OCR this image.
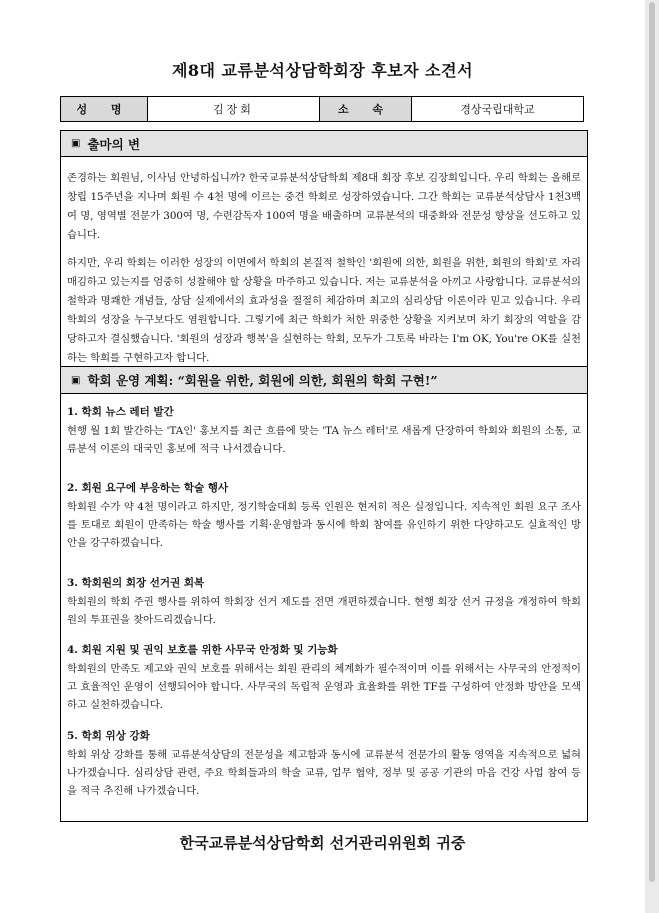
제8대 교류분석상담학회장 후보자 소견서
성 명	김장회	소 속	경상국립대학교
▣ 출마의 변
존경하는 회원님, 이사님 안녕하십니까? 한국교류분석상담학회 제8대 회장 후보 김장회입니다. 우리 학회는 올해로 창립 15주년을 지나며 회원 수 4천 명에 이르는 중견 학회로 성장하였습니다. 그간 학회는 교류분석상담사 1천3백여 명, 영역별 전문가 300여 명, 수련감독자 100여 명을 배출하며 교류분석의 대중화와 전문성 향상을 선도하고 있습니다.
하지만, 우리 학회는 이러한 성장의 이면에서 학회의 본질적 철학인 '회원에 의한, 회원을 위한, 회원의 학회'로 자리매김하고 있는지를 엄중히 성찰해야 할 상황을 마주하고 있습니다. 저는 교류분석을 아끼고 사랑합니다. 교류분석의 철학과 명쾌한 개념들, 상담 실제에서의 효과성을 절절히 체감하며 최고의 심리상담 이론이라 믿고 있습니다. 우리 학회의 성장을 누구보다도 염원합니다. 그렇기에 최근 학회가 처한 위중한 상황을 지켜보며 차기 회장의 역할을 감당하고자 결심했습니다. '회원의 성장과 행복'을 실현하는 학회, 모두가 그토록 바라는 I'm OK, You're OK를 실천하는 학회를 구현하고자 합니다.
▣ 학회 운영 계획: “회원을 위한, 회원에 의한, 회원의 학회 구현!”
1. 학회 뉴스 레터 발간
현행 월 1회 발간하는 'TA인' 홍보지를 최근 흐름에 맞는 'TA 뉴스 레터'로 새롭게 단장하여 학회와 회원의 소통, 교류분석 이론의 대국민 홍보에 적극 나서겠습니다.
2. 회원 요구에 부응하는 학술 행사
학회원 수가 약 4천 명이라고 하지만, 정기학술대회 등록 인원은 현저히 적은 실정입니다. 지속적인 회원 요구 조사를 토대로 회원이 만족하는 학술 행사를 기획·운영함과 동시에 학회 참여를 유인하기 위한 다양하고도 실효적인 방안을 강구하겠습니다.
3. 학회원의 회장 선거권 회복
학회원의 학회 주권 행사를 위하여 학회장 선거 제도를 전면 개편하겠습니다. 현행 회장 선거 규정을 개정하여 학회원의 투표권을 찾아드리겠습니다.
4. 회원 지원 및 권익 보호를 위한 사무국 안정화 및 기능화
학회원의 만족도 제고와 권익 보호를 위해서는 회원 관리의 체계화가 필수적이며 이를 위해서는 사무국의 안정적이고 효율적인 운영이 선행되어야 합니다. 사무국의 독립적 운영과 효율화를 위한 TF를 구성하여 안정화 방안을 모색하고 실천하겠습니다.
5. 학회 위상 강화
학회 위상 강화를 통해 교류분석상담의 전문성을 제고함과 동시에 교류분석 전문가의 활동 영역을 지속적으로 넓혀 나가겠습니다. 심리상담 관련, 주요 학회들과의 학술 교류, 업무 협약, 정부 및 공공 기관의 마음 건강 사업 참여 등을 적극 추진해 나가겠습니다.
한국교류분석상담학회 선거관리위원회 귀중
